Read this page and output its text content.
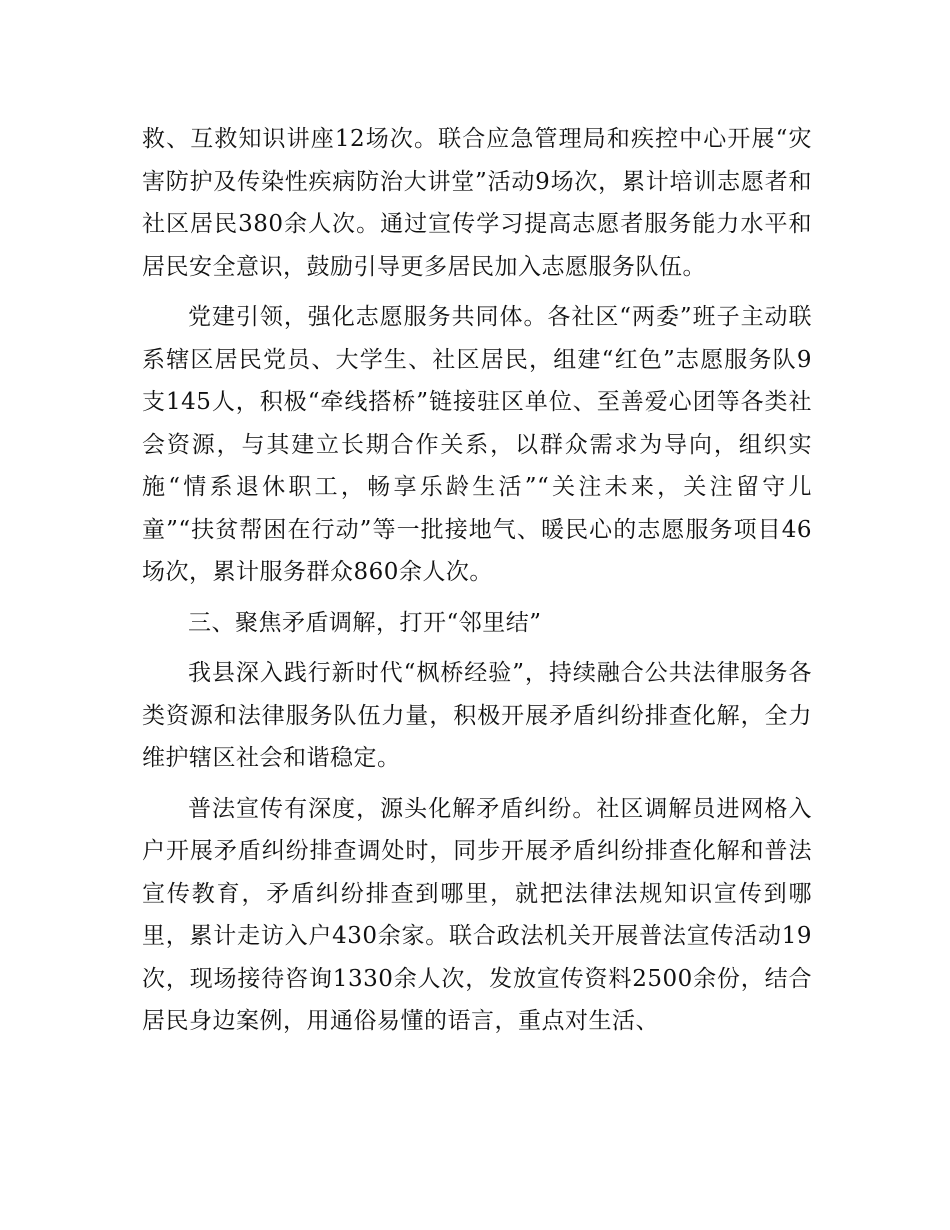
救、互救知识讲座12场次。联合应急管理局和疾控中心开展“灾害防护及传染性疾病防治大讲堂”活动9场次，累计培训志愿者和社区居民380余人次。通过宣传学习提高志愿者服务能力水平和居民安全意识，鼓励引导更多居民加入志愿服务队伍。

党建引领，强化志愿服务共同体。各社区“两委”班子主动联系辖区居民党员、大学生、社区居民，组建“红色”志愿服务队9支145人，积极“牵线搭桥”链接驻区单位、至善爱心团等各类社会资源，与其建立长期合作关系，以群众需求为导向，组织实施“情系退休职工，畅享乐龄生活”“关注未来，关注留守儿童”“扶贫帮困在行动”等一批接地气、暖民心的志愿服务项目46场次，累计服务群众860余人次。

三、聚焦矛盾调解，打开“邻里结”

我县深入践行新时代“枫桥经验”，持续融合公共法律服务各类资源和法律服务队伍力量，积极开展矛盾纠纷排查化解，全力维护辖区社会和谐稳定。

普法宣传有深度，源头化解矛盾纠纷。社区调解员进网格入户开展矛盾纠纷排查调处时，同步开展矛盾纠纷排查化解和普法宣传教育，矛盾纠纷排查到哪里，就把法律法规知识宣传到哪里，累计走访入户430余家。联合政法机关开展普法宣传活动19次，现场接待咨询1330余人次，发放宣传资料2500余份，结合居民身边案例，用通俗易懂的语言，重点对生活、
